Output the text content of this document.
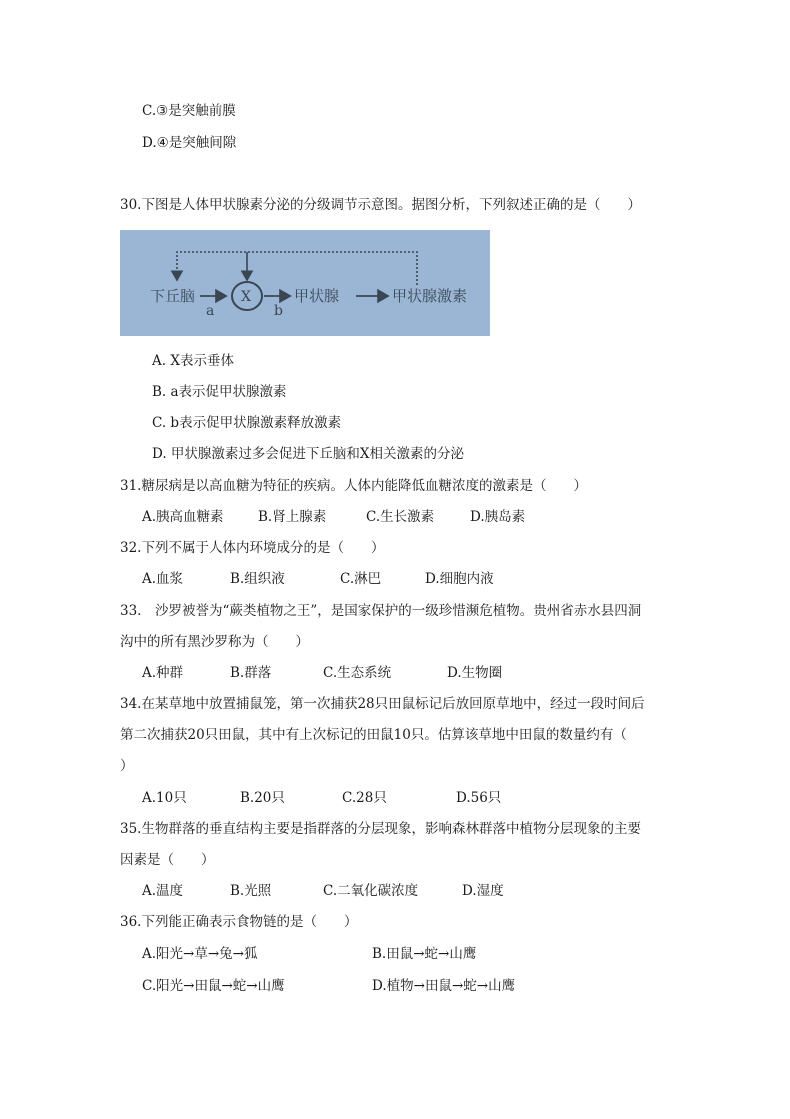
C.③是突触前膜
D.④是突触间隙
30.下图是人体甲状腺素分泌的分级调节示意图。据图分析，下列叙述正确的是（　　）
下丘脑
a
X
b
甲状腺	甲状腺激素
A. X表示垂体
B. a表示促甲状腺激素
C. b表示促甲状腺激素释放激素
D. 甲状腺激素过多会促进下丘脑和X相关激素的分泌
31.糖尿病是以高血糖为特征的疾病。人体内能降低血糖浓度的激素是（　　）
A.胰高血糖素	B.肾上腺素	C.生长激素	D.胰岛素
32.下列不属于人体内环境成分的是（　　）
A.血浆	B.组织液	C.淋巴	D.细胞内液
33.　沙罗被誉为“蕨类植物之王”，是国家保护的一级珍惜濒危植物。贵州省赤水县四洞
沟中的所有黑沙罗称为（　　）
A.种群	B.群落	C.生态系统	D.生物圈
34.在某草地中放置捕鼠笼，第一次捕获28只田鼠标记后放回原草地中，经过一段时间后
第二次捕获20只田鼠，其中有上次标记的田鼠10只。估算该草地中田鼠的数量约有（
）
A.10只	B.20只	C.28只	D.56只
35.生物群落的垂直结构主要是指群落的分层现象，影响森林群落中植物分层现象的主要
因素是（　　）
A.温度	B.光照	C.二氧化碳浓度	D.湿度
36.下列能正确表示食物链的是（　　）
A.阳光→草→兔→狐	B.田鼠→蛇→山鹰
C.阳光→田鼠→蛇→山鹰	D.植物→田鼠→蛇→山鹰
